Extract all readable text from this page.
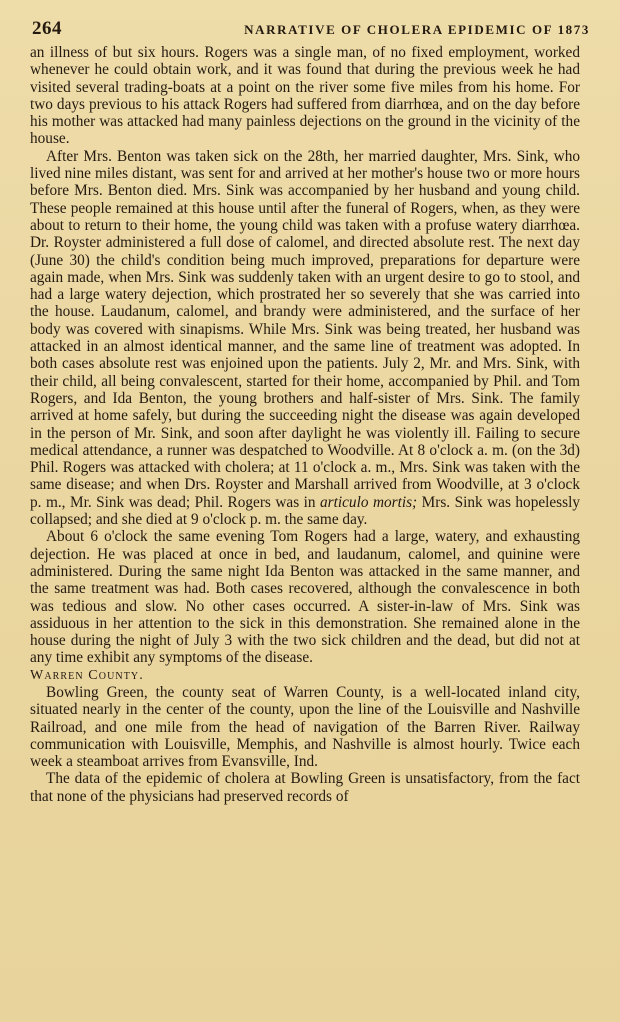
264	NARRATIVE OF CHOLERA EPIDEMIC OF 1873

an illness of but six hours. Rogers was a single man, of no fixed employment, worked whenever he could obtain work, and it was found that during the previous week he had visited several trading-boats at a point on the river some five miles from his home. For two days previous to his attack Rogers had suffered from diarrhœa, and on the day before his mother was attacked had many painless dejections on the ground in the vicinity of the house.

After Mrs. Benton was taken sick on the 28th, her married daughter, Mrs. Sink, who lived nine miles distant, was sent for and arrived at her mother's house two or more hours before Mrs. Benton died. Mrs. Sink was accompanied by her husband and young child. These people remained at this house until after the funeral of Rogers, when, as they were about to return to their home, the young child was taken with a profuse watery diarrhœa. Dr. Royster administered a full dose of calomel, and directed absolute rest. The next day (June 30) the child's condition being much improved, preparations for departure were again made, when Mrs. Sink was suddenly taken with an urgent desire to go to stool, and had a large watery dejection, which prostrated her so severely that she was carried into the house. Laudanum, calomel, and brandy were administered, and the surface of her body was covered with sinapisms. While Mrs. Sink was being treated, her husband was attacked in an almost identical manner, and the same line of treatment was adopted. In both cases absolute rest was enjoined upon the patients. July 2, Mr. and Mrs. Sink, with their child, all being convalescent, started for their home, accompanied by Phil. and Tom Rogers, and Ida Benton, the young brothers and half-sister of Mrs. Sink. The family arrived at home safely, but during the succeeding night the disease was again developed in the person of Mr. Sink, and soon after daylight he was violently ill. Failing to secure medical attendance, a runner was despatched to Woodville. At 8 o'clock a. m. (on the 3d) Phil. Rogers was attacked with cholera; at 11 o'clock a. m., Mrs. Sink was taken with the same disease; and when Drs. Royster and Marshall arrived from Woodville, at 3 o'clock p. m., Mr. Sink was dead; Phil. Rogers was in articulo mortis; Mrs. Sink was hopelessly collapsed; and she died at 9 o'clock p. m. the same day.

About 6 o'clock the same evening Tom Rogers had a large, watery, and exhausting dejection. He was placed at once in bed, and laudanum, calomel, and quinine were administered. During the same night Ida Benton was attacked in the same manner, and the same treatment was had. Both cases recovered, although the convalescence in both was tedious and slow. No other cases occurred. A sister-in-law of Mrs. Sink was assiduous in her attention to the sick in this demonstration. She remained alone in the house during the night of July 3 with the two sick children and the dead, but did not at any time exhibit any symptoms of the disease.

Warren County.

Bowling Green, the county seat of Warren County, is a well-located inland city, situated nearly in the center of the county, upon the line of the Louisville and Nashville Railroad, and one mile from the head of navigation of the Barren River. Railway communication with Louisville, Memphis, and Nashville is almost hourly. Twice each week a steamboat arrives from Evansville, Ind.

The data of the epidemic of cholera at Bowling Green is unsatisfactory, from the fact that none of the physicians had preserved records of
